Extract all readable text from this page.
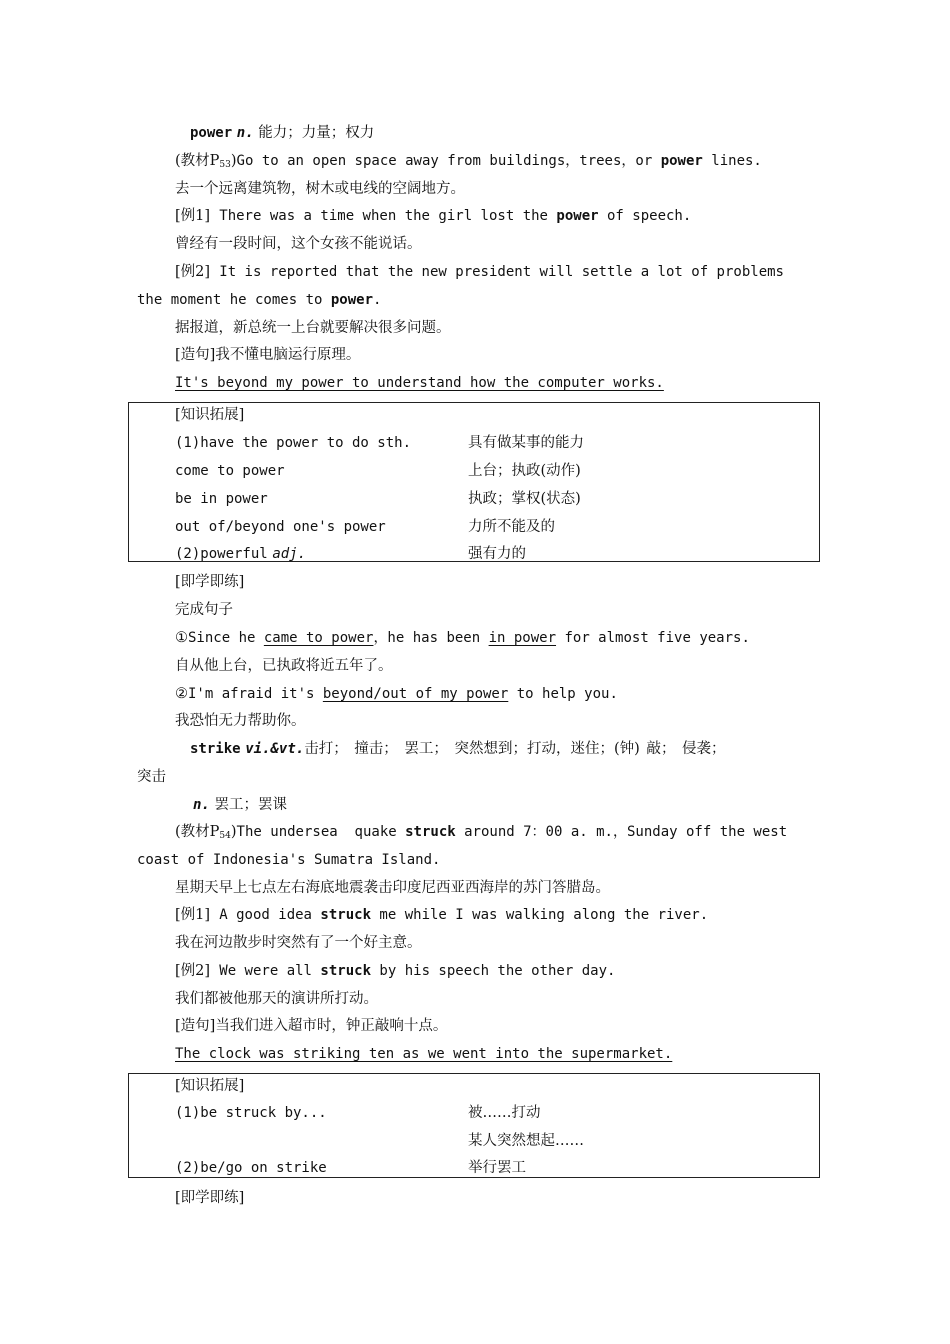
power n. 能力；力量；权力
(教材$P_{53})Go$ to an open space away from buildings，trees，or power lines.
去一个远离建筑物，树木或电线的空阔地方。
[例1] There was a time when the girl lost the power of speech.
曾经有一段时间，这个女孩不能说话。
[例2] It is reported that the new president will settle a lot of problems
the moment he comes to power.
据报道，新总统一上台就要解决很多问题。
[造句]我不懂电脑运行原理。
It's beyond my power to understand how the computer works.
[知识拓展]
(1)have the power to do sth.	具有做某事的能力
come to power	上台；执政(动作)
be in power	执政；掌权(状态)
out of/beyond one's power	力所不能及的
(2)powerful adj.	强有力的
[即学即练]
完成句子
①Since he came to power，he has been in power for almost five years.
自从他上台，已执政将近五年了。
②I'm afraid it's beyond/out of my power to help you.
我恐怕无力帮助你。
strike vi.&vt.击打； 撞击； 罢工； 突然想到；打动，迷住；(钟) 敲； 侵袭；
突击
n. 罢工；罢课
(教材$P_{54})The$ undersea  quake struck around 7：00 a. m.，Sunday off the west
coast of Indonesia's Sumatra Island.
星期天早上七点左右海底地震袭击印度尼西亚西海岸的苏门答腊岛。
[例1] A good idea struck me while I was walking along the river.
我在河边散步时突然有了一个好主意。
[例2] We were all struck by his speech the other day.
我们都被他那天的演讲所打动。
[造句]当我们进入超市时，钟正敲响十点。
The clock was striking ten as we went into the supermarket.
[知识拓展]
(1)be struck by...	被……打动
某人突然想起……
(2)be/go on strike	举行罢工
[即学即练]
